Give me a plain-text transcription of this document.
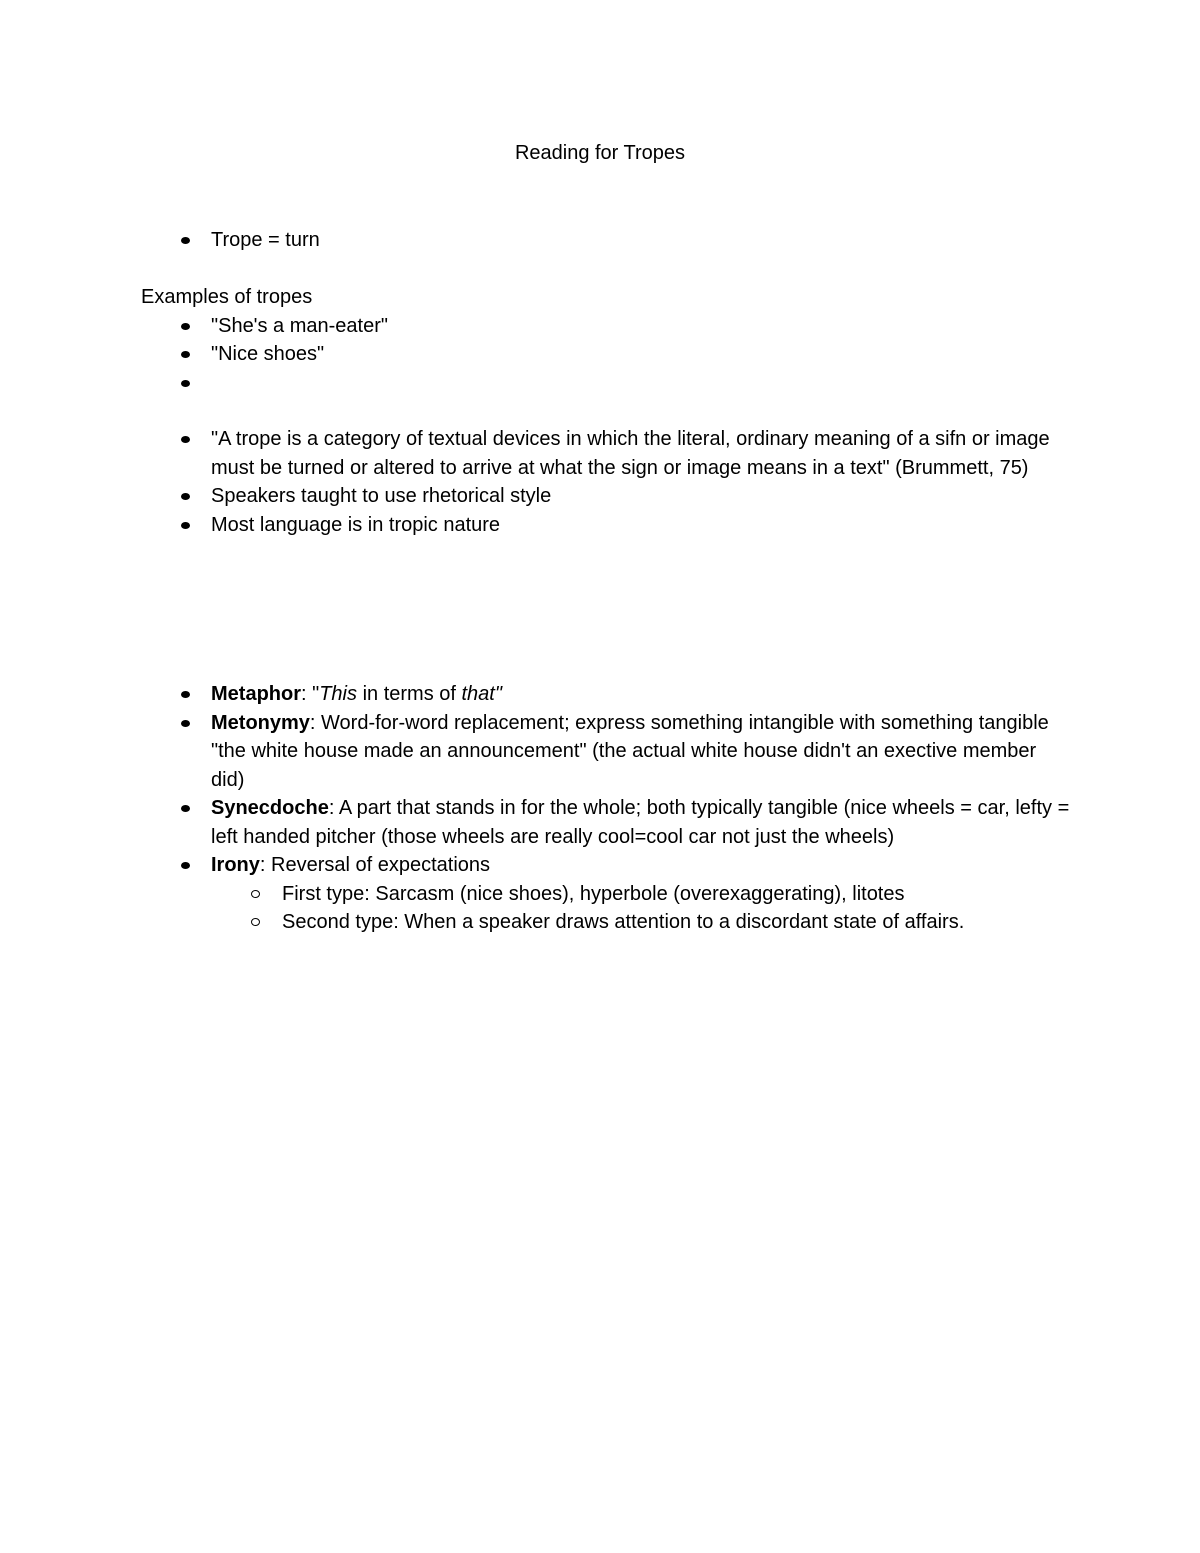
Reading for Tropes
Trope = turn

Examples of tropes

"She's a man-eater"
"Nice shoes"
"A trope is a category of textual devices in which the literal, ordinary meaning of a sifn or image must be turned or altered to arrive at what the sign or image means in a text" (Brummett, 75)
Speakers taught to use rhetorical style
Most language is in tropic nature
Metaphor: "This in terms of that"
Metonymy: Word-for-word replacement; express something intangible with something tangible "the white house made an announcement" (the actual white house didn't an exective member did)
Synecdoche: A part that stands in for the whole; both typically tangible (nice wheels = car, lefty = left handed pitcher (those wheels are really cool=cool car not just the wheels)
Irony: Reversal of expectations
First type: Sarcasm (nice shoes), hyperbole (overexaggerating), litotes
Second type: When a speaker draws attention to a discordant state of affairs.
